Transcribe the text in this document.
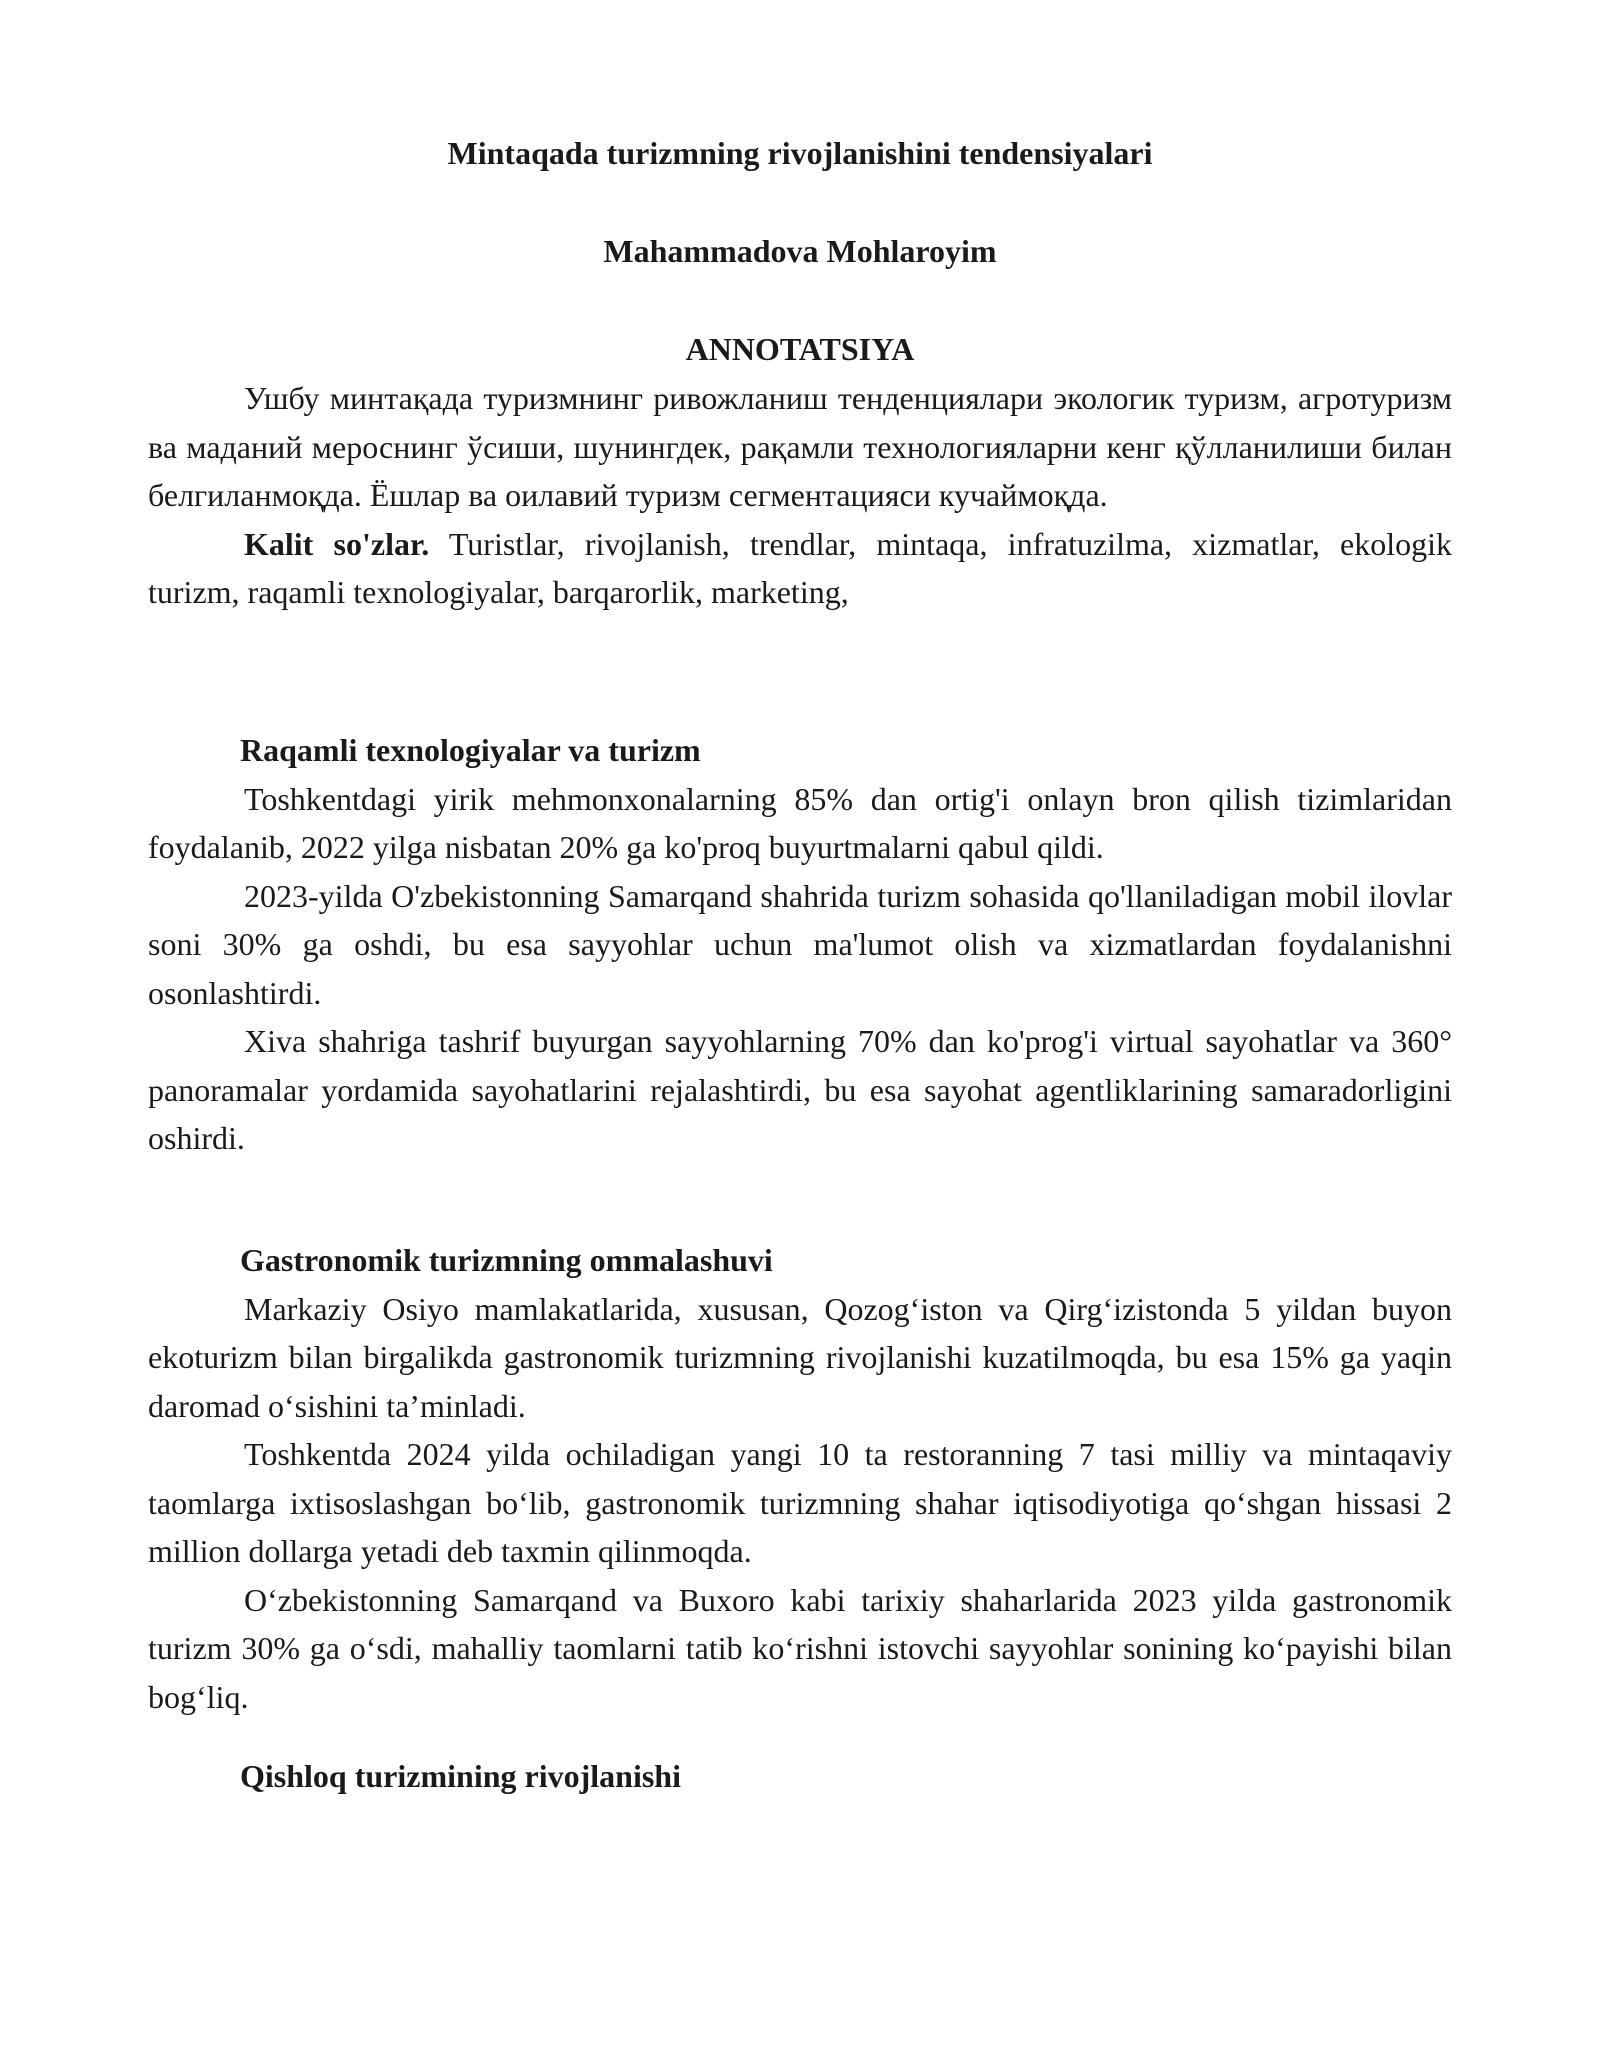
Mintaqada turizmning rivojlanishini tendensiyalari
Mahammadova Mohlaroyim
ANNOTATSIYA

Ушбу минтақада туризмнинг ривожланиш тенденциялари экологик туризм, агротуризм ва маданий мероснинг ўсиши, шунингдек, рақамли технологияларни кенг қўлланилиши билан белгиланмоқда. Ёшлар ва оилавий туризм сегментацияси кучаймоқда.

Kalit so'zlar. Turistlar, rivojlanish, trendlar, mintaqa, infratuzilma, xizmatlar, ekologik turizm, raqamli texnologiyalar, barqarorlik, marketing,

Raqamli texnologiyalar va turizm

Toshkentdagi yirik mehmonxonalarning 85% dan ortig'i onlayn bron qilish tizimlaridan foydalanib, 2022 yilga nisbatan 20% ga ko'proq buyurtmalarni qabul qildi.

2023-yilda O'zbekistonning Samarqand shahrida turizm sohasida qo'llaniladigan mobil ilovlar soni 30% ga oshdi, bu esa sayyohlar uchun ma'lumot olish va xizmatlardan foydalanishni osonlashtirdi.

Xiva shahriga tashrif buyurgan sayyohlarning 70% dan ko'prog'i virtual sayohatlar va 360° panoramalar yordamida sayohatlarini rejalashtirdi, bu esa sayohat agentliklarining samaradorligini oshirdi.

Gastronomik turizmning ommalashuvi

Markaziy Osiyo mamlakatlarida, xususan, Qozog‘iston va Qirg‘izistonda 5 yildan buyon ekoturizm bilan birgalikda gastronomik turizmning rivojlanishi kuzatilmoqda, bu esa 15% ga yaqin daromad o‘sishini ta’minladi.

Toshkentda 2024 yilda ochiladigan yangi 10 ta restoranning 7 tasi milliy va mintaqaviy taomlarga ixtisoslashgan bo‘lib, gastronomik turizmning shahar iqtisodiyotiga qo‘shgan hissasi 2 million dollarga yetadi deb taxmin qilinmoqda.

O‘zbekistonning Samarqand va Buxoro kabi tarixiy shaharlarida 2023 yilda gastronomik turizm 30% ga o‘sdi, mahalliy taomlarni tatib ko‘rishni istovchi sayyohlar sonining ko‘payishi bilan bog‘liq.

Qishloq turizmining rivojlanishi
